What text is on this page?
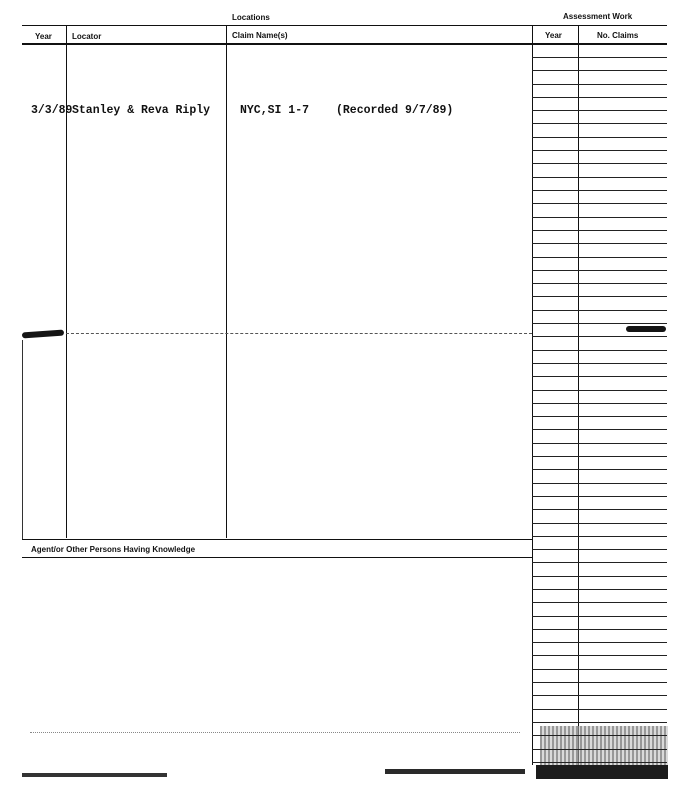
Locations	Assessment Work
Year	Locator	Claim Name(s)	Year	No. Claims
3/3/89 Stanley & Reva Riply	NYC,SI 1-7 (Recorded 9/7/89)
Agent/or Other Persons Having Knowledge
